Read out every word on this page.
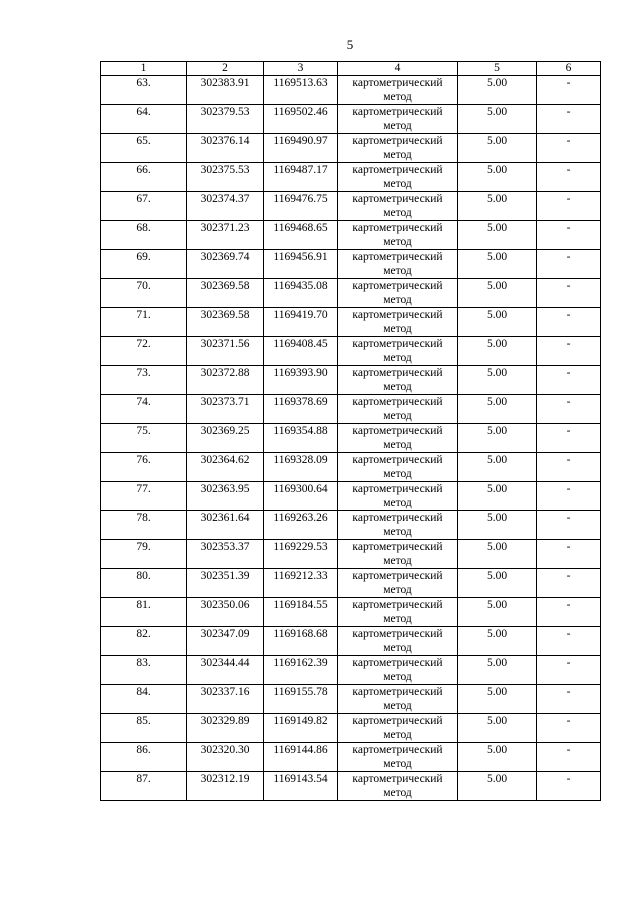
5
1	2	3	4	5	6
63.	302383.91	1169513.63	картометрический метод	5.00	-
64.	302379.53	1169502.46	картометрический метод	5.00	-
65.	302376.14	1169490.97	картометрический метод	5.00	-
66.	302375.53	1169487.17	картометрический метод	5.00	-
67.	302374.37	1169476.75	картометрический метод	5.00	-
68.	302371.23	1169468.65	картометрический метод	5.00	-
69.	302369.74	1169456.91	картометрический метод	5.00	-
70.	302369.58	1169435.08	картометрический метод	5.00	-
71.	302369.58	1169419.70	картометрический метод	5.00	-
72.	302371.56	1169408.45	картометрический метод	5.00	-
73.	302372.88	1169393.90	картометрический метод	5.00	-
74.	302373.71	1169378.69	картометрический метод	5.00	-
75.	302369.25	1169354.88	картометрический метод	5.00	-
76.	302364.62	1169328.09	картометрический метод	5.00	-
77.	302363.95	1169300.64	картометрический метод	5.00	-
78.	302361.64	1169263.26	картометрический метод	5.00	-
79.	302353.37	1169229.53	картометрический метод	5.00	-
80.	302351.39	1169212.33	картометрический метод	5.00	-
81.	302350.06	1169184.55	картометрический метод	5.00	-
82.	302347.09	1169168.68	картометрический метод	5.00	-
83.	302344.44	1169162.39	картометрический метод	5.00	-
84.	302337.16	1169155.78	картометрический метод	5.00	-
85.	302329.89	1169149.82	картометрический метод	5.00	-
86.	302320.30	1169144.86	картометрический метод	5.00	-
87.	302312.19	1169143.54	картометрический метод	5.00	-
